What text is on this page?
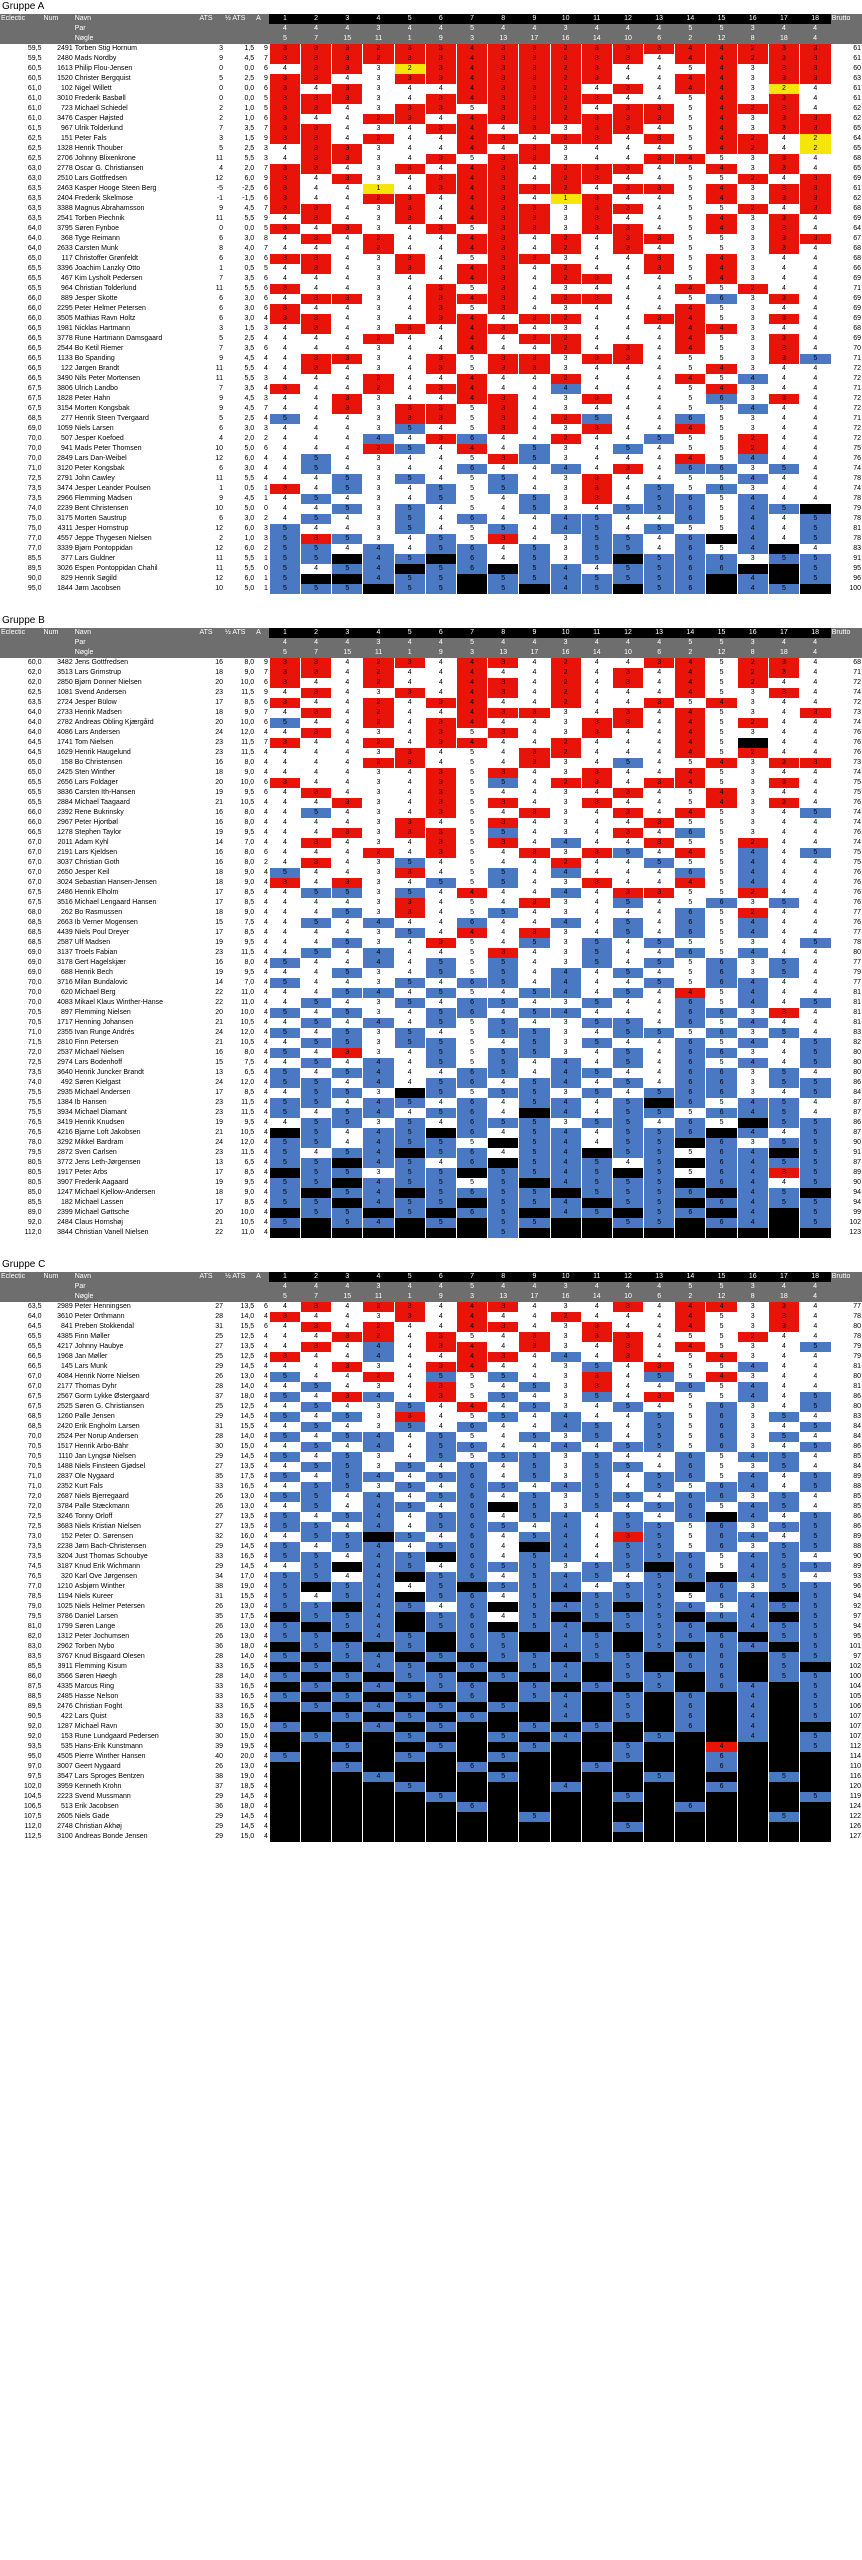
Gruppe A
Eclectic	Num	Navn	ATS	½ ATS	A	1	2	3	4	5	6	7	8	9	10	11	12	13	14	15	16	17	18	Brutto
		Par				4	4	4	3	4	4	5	4	4	3	4	4	4	5	5	3	4	4	
		Nøgle				5	7	15	11	1	9	3	13	17	16	14	10	6	2	12	8	18	4	
59,5	2491	Torben Stig Hornum	3	1,5	9	3	3	3	2	3	3	4	3	3	2	3	3	3	4	4	2	3	3	61
59,5	2480	Mads Nordby	9	4,5	7	3	3	3	2	3	3	4	3	3	2	3	3	4	4	4	2	3	3	61
60,5	1613	Philip Flou-Jensen	0	0,0	6	4	3	3	3	2	3	4	3	3	2	3	4	4	5	4	3	3	3	60
60,5	1520	Christer Bergquist	5	2,5	9	3	3	4	3	3	3	4	3	3	2	3	4	4	4	4	3	3	3	63
61,0	102	Nigel Willett	0	0,0	6	3	4	3	3	4	4	4	3	3	2	4	3	4	4	4	3	2	4	61
61,0	3010	Frederik Basbøll	0	0,0	5	3	3	3	3	4	3	4	3	3	2	3	4	4	5	4	3	3	4	61
61,0	723	Michael Schiedel	2	1,0	5	3	3	4	3	3	3	5	3	3	2	4	3	3	5	4	2	3	4	62
61,0	3476	Casper Højsted	2	1,0	6	3	4	4	2	3	4	4	3	3	2	3	3	3	5	4	3	3	3	62
61,5	967	Ulrik Tolderlund	7	3,5	7	3	3	4	3	4	3	4	4	3	3	3	3	4	5	4	3	3	3	65
62,5	151	Peter Fals	3	1,5	9	3	3	4	2	4	4	4	3	4	2	3	4	3	5	4	2	4	2	64
62,5	1328	Henrik Thouber	5	2,5	3	4	3	3	3	4	4	4	4	3	3	4	4	4	5	4	2	4	2	65
62,5	2706	Johnny Blixenkrone	11	5,5	3	4	3	3	3	4	3	5	3	3	3	4	4	3	4	5	3	3	4	68
63,0	2778	Oscar G. Christiansen	4	2,0	7	3	3	4	3	3	4	4	3	4	2	3	3	4	5	4	3	3	4	65
63,0	2510	Lars Gottfredsen	12	6,0	9	3	4	3	3	4	3	4	3	4	2	3	4	4	5	5	2	4	3	69
63,5	2463	Kasper Hooge Steen Berg	-5	-2,5	6	3	4	4	1	4	3	4	3	3	2	4	3	3	5	4	3	3	3	61
63,5	2404	Frederik Skelmose	-1	-1,5	6	3	4	4	2	3	4	4	3	4	1	3	4	4	5	4	3	3	3	62
63,5	3388	Magnus Abrahamsson	9	4,5	7	3	3	4	3	3	4	4	3	3	3	3	3	4	5	5	2	4	3	68
63,5	2541	Torben Piechnik	11	5,5	9	4	3	4	3	3	4	4	3	3	3	3	4	4	5	4	3	3	4	69
64,0	3795	Søren Fynboe	0	0,0	5	3	4	3	3	4	3	5	3	3	3	3	3	4	5	4	3	3	4	64
64,0	368	Tyge Reimann	6	3,0	8	4	3	4	2	4	4	4	3	4	2	4	3	3	5	5	3	3	3	67
64,0	2633	Carsten Munk	8	4,0	7	4	4	4	2	4	4	4	3	4	2	4	3	4	5	5	3	3	4	68
65,0	117	Christoffer Grønfeldt	6	3,0	6	3	3	4	3	3	4	5	3	3	3	4	4	3	5	4	3	4	4	68
65,5	3396	Joachim Lanzky Otto	1	0,5	5	4	3	4	3	3	4	4	3	4	2	4	4	3	5	4	3	4	4	66
65,5	467	Kim Lysholt Pedersen	7	3,5	6	4	4	4	3	4	4	4	3	4	2	3	4	4	5	4	3	4	4	69
65,5	964	Christian Tolderlund	11	5,5	6	3	4	4	3	4	3	5	3	4	3	4	4	4	4	5	2	4	4	71
66,0	889	Jesper Skotte	6	3,0	6	4	3	3	3	4	3	4	3	4	2	3	4	4	5	6	3	3	4	69
66,0	2295	Peter Helmer Petersen	6	3,0	6	3	4	4	3	4	3	5	3	4	3	4	4	4	4	5	3	4	4	69
66,0	3505	Mathias Ravn Holtz	6	3,0	4	3	3	4	3	4	3	4	4	3	2	4	4	3	4	5	3	3	4	69
66,5	1981	Nicklas Hartmann	3	1,5	3	4	3	4	3	3	4	4	3	4	3	4	4	4	4	4	3	4	4	68
66,5	3778	Rune Hartmann Damsgaard	5	2,5	4	4	4	4	2	4	4	4	4	3	2	4	4	4	4	5	3	3	4	69
66,5	2544	Bo Ketil Riemer	7	3,5	6	4	4	4	3	4	4	4	4	4	2	4	3	4	4	5	3	3	4	70
66,5	1133	Bo Spanding	9	4,5	4	4	3	3	3	4	3	5	3	3	3	3	3	4	5	5	3	3	5	71
66,5	122	Jørgen Brandt	11	5,5	4	4	3	4	3	4	3	5	3	3	3	4	4	4	5	4	3	4	4	72
66,5	3490	Nils Peter Mortensen	11	5,5	3	4	4	4	2	4	4	4	4	4	2	4	4	4	4	5	4	4	4	72
67,5	3806	Ulrich Landbo	7	3,5	4	3	4	4	2	4	3	4	4	4	4	4	4	4	5	4	3	4	4	71
67,5	1828	Peter Hahn	9	4,5	3	4	4	3	3	4	4	4	3	4	3	3	4	4	5	6	3	3	4	72
67,5	3154	Morten Kongsbak	9	4,5	7	4	4	3	3	3	3	5	3	4	3	4	4	4	5	5	4	4	4	72
68,5	277	Henrik Steen Tvergaard	5	2,5	4	5	4	4	3	3	3	5	3	4	2	5	4	4	6	5	3	4	4	71
69,0	1059	Niels Larsen	6	3,0	3	4	4	4	3	5	4	5	3	4	3	3	4	4	4	5	3	4	4	72
70,0	507	Jesper Koefoed	4	2,0	2	4	4	4	4	4	3	6	4	4	2	4	4	5	5	5	2	4	4	72
70,0	941	Mads Peter Thomsen	10	5,0	6	4	4	4	2	5	4	4	4	5	3	4	5	4	5	5	2	4	4	75
70,0	2849	Lars Dan-Weibel	12	6,0	4	4	5	4	3	4	4	5	3	5	3	4	4	4	4	5	4	4	4	76
71,0	3120	Peter Kongsbak	6	3,0	4	4	5	4	3	4	4	6	4	4	4	4	3	4	6	6	3	5	4	74
72,5	2791	John Cawley	11	5,5	4	4	4	5	3	5	4	5	5	4	3	3	4	4	5	5	4	4	4	78
73,5	3474	Jesper Leander Poulsen	1	0,5	1	3	4	5	3	4	5	5	5	4	3	3	4	5	5	6	3	4	4	74
73,5	2966	Flemming Madsen	9	4,5	1	4	5	4	3	4	5	5	4	5	3	3	4	5	6	5	4	4	4	78
74,0	2239	Bent Christensen	10	5,0	0	4	4	5	3	5	4	5	4	5	3	4	5	5	6	5	4	5	6	79
75,0	3175	Morten Saustrup	6	3,0	2	4	5	4	3	5	4	6	4	4	4	5	4	4	6	5	4	4	5	78
75,0	4311	Jesper Hornstrup	12	6,0	3	5	4	4	3	5	4	5	5	4	4	5	4	5	5	5	4	4	5	81
77,0	4557	Jeppe Thygesen Nielsen	2	1,0	3	5	3	5	3	4	5	5	3	4	3	5	5	4	6	7	4	4	5	78
77,0	3339	Bjørn Pontoppidan	12	6,0	2	5	5	4	4	4	5	6	4	5	3	5	5	4	6	5	4	6	4	83
85,5	377	Lars Guldner	11	5,5	1	5	5	6	4	5	6	6	4	5	3	5	6	5	6	6	3	5	5	91
89,5	3026	Espen Pontoppidan Chahil	11	5,5	0	5	4	5	4	6	5	6	6	5	4	4	5	5	6	6	5	6	5	95
90,0	829	Henrik Søgild	12	6,0	1	5	6	6	4	5	5	7	5	5	4	5	5	5	6	7	4	6	5	96
95,0	1844	Jørn Jacobsen	10	5,0	1	5	5	5	5	5	5	7	5	6	4	5	6	5	6	7	4	5	6	100
Gruppe B
Eclectic	Num	Navn	ATS	½ ATS	A	1	2	3	4	5	6	7	8	9	10	11	12	13	14	15	16	17	18	Brutto
		Par				4	4	4	3	4	4	5	4	4	3	4	4	4	5	5	3	4	4	
		Nøgle				5	7	15	11	1	9	3	13	17	16	14	10	6	2	12	8	18	4	
60,0	3482	Jens Gottfredsen	16	8,0	9	3	3	4	2	3	4	4	3	4	2	4	4	3	4	5	2	3	4	68
62,0	3513	Lars Grimstrup	18	9,0	7	3	3	4	2	4	4	4	4	4	2	4	3	4	4	5	2	3	4	71
62,0	2850	Bjørn Donner Nielsen	20	10,0	6	3	4	4	2	4	4	4	3	4	2	4	3	4	4	5	2	4	4	72
62,5	1081	Svend Andersen	23	11,5	9	4	3	4	3	3	4	4	3	4	2	4	4	4	4	5	3	3	4	74
63,5	2724	Jesper Bülow	17	8,5	6	3	4	4	2	4	3	4	4	4	2	4	4	3	5	4	3	4	4	72
64,0	2733	Henrik Madsen	18	9,0	7	4	3	4	2	4	4	4	3	3	3	4	3	4	4	5	3	4	3	73
64,0	2782	Andreas Obling Kjærgård	20	10,0	6	5	4	4	2	4	3	4	4	4	3	3	3	4	4	5	2	4	4	74
64,0	4086	Lars Andersen	24	12,0	4	4	3	4	3	4	3	5	3	4	3	3	4	4	4	5	3	4	4	76
64,5	1741	Tom Nielsen	23	11,5	7	3	4	4	2	4	3	4	4	4	2	4	4	4	4	5	5	4	4	76
64,5	1629	Henrik Haugelund	23	11,5	4	4	4	4	3	3	4	5	4	3	2	4	4	4	4	5	2	4	4	76
65,0	158	Bo Christensen	16	8,0	4	4	4	4	2	3	4	5	4	3	3	4	5	4	5	4	3	3	3	73
65,0	2425	Sten Winther	18	9,0	4	4	4	4	3	4	3	5	3	4	3	3	4	4	4	5	3	4	4	74
65,5	2656	Lars Foldager	20	10,0	6	3	4	4	3	4	3	5	5	4	2	3	4	3	4	5	3	3	4	75
65,5	3836	Carsten Ith-Hansen	19	9,5	6	4	3	4	3	4	3	5	4	4	3	4	3	4	5	4	3	4	4	75
65,5	2884	Michael Taagaard	21	10,5	4	4	4	3	3	4	3	5	3	4	3	3	4	4	5	4	3	3	4	76
66,0	2392	Rene Bukrinsky	16	8,0	4	4	5	4	3	4	3	5	4	3	3	4	3	4	4	5	3	4	5	74
66,0	2967	Peter Hjortbøl	16	8,0	4	4	4	4	3	3	4	5	3	4	3	4	4	3	5	5	3	4	4	74
66,5	1278	Stephen Taylor	19	9,5	4	4	4	3	3	3	3	5	5	4	3	4	3	4	6	5	3	4	4	76
67,0	2011	Adam Kyhl	14	7,0	4	4	3	4	3	4	3	5	3	4	4	4	4	3	5	5	2	4	4	74
67,0	2191	Lars Kjeldsen	16	8,0	6	4	4	4	2	4	3	5	4	3	3	3	5	4	4	5	4	4	5	75
67,0	3037	Christian Goth	16	8,0	2	4	3	4	3	5	4	5	4	4	2	4	4	5	5	5	4	4	4	75
67,0	2650	Jesper Keil	18	9,0	4	5	4	4	3	3	4	5	5	4	4	4	4	4	6	5	4	4	4	76
67,0	3024	Sebastian Hansen-Jensen	18	9,0	4	3	4	3	3	4	5	5	5	4	3	3	4	4	4	5	4	4	4	76
67,5	2486	Henrik Elholm	17	8,5	4	4	5	5	3	5	4	4	4	4	4	4	3	3	5	5	2	4	4	76
67,5	3516	Michael Lengaard Hansen	17	8,5	4	4	4	4	3	3	4	5	4	3	3	4	5	4	5	6	3	5	4	76
68,0	262	Bo Rasmussen	18	9,0	4	4	4	5	3	3	4	5	5	4	3	4	4	4	6	5	2	4	4	77
68,5	2663	Ib Verner Mogensen	15	7,5	4	4	5	4	4	4	4	6	4	4	4	4	5	4	6	5	4	4	4	76
68,5	4439	Niels Poul Dreyer	17	8,5	4	4	4	4	3	5	4	4	4	3	3	4	5	4	6	5	4	4	4	77
68,5	2587	Ulf Madsen	19	9,5	4	4	4	5	3	4	3	5	4	5	3	5	4	5	5	5	3	4	5	78
69,0	3137	Troels Fabian	23	11,5	4	4	5	4	4	4	4	5	3	4	3	5	4	4	6	5	4	4	4	80
69,0	3178	Gert Hagelskjær	16	8,0	4	5	4	4	4	4	5	5	5	4	3	5	4	5	5	6	3	5	4	77
69,0	688	Henrik Bech	19	9,5	4	4	4	5	3	4	5	5	5	4	4	4	5	4	5	6	3	5	4	79
70,0	3716	Milan Bundalovic	14	7,0	4	5	4	4	3	5	4	6	5	4	4	4	4	5	5	6	4	4	4	77
70,0	620	Michael Berg	22	11,0	4	4	4	5	4	4	5	5	4	5	4	4	5	4	4	5	4	4	4	81
70,0	4083	Mikael Klaus Winther-Hanse	22	11,0	4	4	5	4	3	5	4	6	5	4	3	5	4	4	6	5	4	4	5	81
70,5	897	Flemming Nielsen	20	10,0	4	5	4	5	3	4	5	6	4	5	4	4	4	4	6	6	3	3	4	81
70,5	1717	Henning Johansen	21	10,5	4	4	5	4	4	4	5	5	5	4	3	5	5	4	6	5	4	4	4	81
71,0	2355	Ivan Runge Andrés	24	12,0	4	5	4	5	3	5	4	5	5	5	3	4	5	5	5	6	3	5	4	83
71,5	2810	Finn Petersen	21	10,5	4	4	5	5	3	5	5	5	4	5	3	5	4	4	6	5	4	4	5	82
72,0	2537	Michael Nielsen	16	8,0	4	5	4	3	3	4	5	5	5	5	3	4	5	4	6	6	3	4	5	80
72,5	2974	Lars Bodenhoff	15	7,5	4	4	5	4	4	4	5	5	5	4	4	4	5	4	6	5	4	4	5	80
73,5	3640	Henrik Juncker Brandt	13	6,5	4	5	4	5	4	4	4	6	5	4	4	5	4	4	6	6	3	5	4	80
74,0	492	Søren Kielgast	24	12,0	4	5	5	4	4	4	5	6	4	5	4	4	5	4	6	6	3	5	5	86
75,5	2935	Michael Andersen	17	8,5	4	4	5	5	3	6	5	5	5	5	3	5	4	5	6	6	3	4	5	84
75,5	1384	Ib Hansen	23	11,5	4	5	5	4	4	5	4	6	4	5	4	4	5	6	6	5	4	5	4	87
75,5	3934	Michael Diamant	23	11,5	4	5	4	5	4	4	5	6	4	6	4	4	5	5	5	6	4	5	4	87
76,5	3419	Henrik Knudsen	19	9,5	4	4	5	5	3	5	4	6	5	5	3	5	5	4	6	5	5	5	5	86
76,5	4216	Bjarne Loft Jakobsen	21	10,5	4	6	5	4	4	5	6	6	4	5	4	4	5	5	6	7	4	4	5	87
78,0	3292	Mikkel Bardram	24	12,0	4	5	5	4	4	5	5	5	6	5	4	4	5	5	7	6	3	5	5	90
79,5	2872	Sven Carlsen	23	11,5	4	5	4	5	4	6	5	6	4	5	4	6	5	5	5	6	4	6	5	91
80,5	3772	Jens Leth-Jørgensen	13	6,5	4	5	5	6	4	5	4	6	6	5	4	5	4	5	7	6	4	5	5	87
80,5	1917	Peter Arbs	17	8,5	4	6	5	5	3	5	5	7	5	5	4	5	6	5	5	6	4	3	5	89
80,5	3907	Frederik Aagaard	19	9,5	4	5	5	6	4	5	5	5	5	6	4	5	5	5	7	6	4	4	5	90
85,0	1247	Michael Kjellow-Andersen	18	9,0	4	5	6	5	4	6	5	6	5	5	5	5	5	5	6	7	4	5	6	94
85,5	182	Michael Lassen	17	8,5	4	5	5	6	4	5	5	7	5	5	4	6	5	5	7	6	4	5	5	94
89,0	2399	Michael Gøttsche	20	10,0	4	6	5	5	5	5	6	6	5	6	4	5	6	5	6	7	4	6	5	99
92,0	2484	Claus Hornshøj	21	10,5	4	5	6	5	4	6	5	7	5	5	5	6	5	5	7	6	4	6	5	102
112,0	3844	Christian Vanell Nielsen	22	11,0	4	6	6	6	5	6	6	7	5	6	5	6	6	6	7	7	5	6	6	123
Gruppe C
Eclectic	Num	Navn	ATS	½ ATS	A	1	2	3	4	5	6	7	8	9	10	11	12	13	14	15	16	17	18	Brutto
		Par				4	4	4	3	4	4	5	4	4	3	4	4	4	5	5	3	4	4	
		Nøgle				5	7	15	11	1	9	3	13	17	16	14	10	6	2	12	8	18	4	
63,5	2989	Peter Henningsen	27	13,5	6	4	3	4	2	3	4	4	3	4	3	4	3	4	4	4	3	3	4	77
64,0	3610	Peter Orthmann	28	14,0	4	3	4	4	3	3	4	4	4	4	2	4	4	4	4	5	3	3	4	78
64,5	841	Preben Stokkendal	31	15,5	6	4	3	4	2	4	4	4	3	4	3	3	4	4	4	5	3	3	4	80
65,5	4385	Finn Møller	25	12,5	4	4	4	3	2	4	3	5	4	3	3	3	3	4	5	5	2	4	4	78
65,5	4217	Johnny Haubye	27	13,5	4	4	3	4	4	4	3	4	4	3	3	4	3	4	4	5	3	4	5	79
66,5	1968	Jan Møller	25	12,5	4	3	4	4	4	4	4	4	3	4	4	4	3	4	5	4	3	4	4	79
66,5	145	Lars Munk	29	14,5	4	4	4	3	3	4	3	4	4	4	3	5	4	3	5	5	4	4	4	81
67,0	4084	Henrik Norre Nielsen	26	13,0	4	5	4	4	2	4	5	5	5	4	3	3	4	5	5	4	3	4	4	80
67,0	2177	Thomas Dyhr	28	14,0	4	4	5	4	3	4	3	5	4	5	3	3	4	4	6	5	4	4	4	81
67,5	2567	Gorm Lykke Østergaard	37	18,0	4	5	4	3	4	4	3	5	5	4	3	5	4	3	5	5	4	4	5	86
67,5	2525	Søren G. Christiansen	25	12,5	4	4	5	4	3	5	4	4	4	5	3	4	5	4	5	6	3	4	5	80
68,5	1260	Palle Jensen	29	14,5	4	5	4	5	3	3	4	5	5	4	4	4	4	5	5	6	3	5	4	83
68,5	2420	Erik Engholm Larsen	31	15,5	4	4	5	4	3	5	4	6	4	4	4	5	4	5	5	6	3	4	5	84
70,0	2524	Per Norup Andersen	28	14,0	4	5	4	5	4	4	5	5	4	5	3	5	4	5	5	6	3	5	4	84
70,5	1517	Henrik Arbo-Bähr	30	15,0	4	4	5	4	4	4	5	6	4	4	4	4	5	5	5	6	3	4	5	86
70,5	1110	Jan Lyngsø Nielsen	29	14,5	4	5	4	5	3	4	5	5	5	5	3	5	4	4	6	5	4	5	4	85
70,5	1488	Niels Finsteen Gjødsel	27	13,5	4	4	5	5	3	5	4	6	4	5	3	5	5	4	6	5	3	5	4	84
71,0	2837	Ole Nygaard	35	17,5	4	5	4	5	4	4	5	6	4	5	3	5	4	5	6	5	4	4	5	89
71,0	2352	Kurt Fals	33	16,5	4	4	5	5	3	5	4	6	5	4	4	5	4	5	5	6	4	4	5	88
72,0	2687	Niels Bjerregaard	26	13,0	4	5	5	4	4	4	5	6	4	5	3	5	5	4	6	6	3	5	4	85
72,0	3784	Palle Stæckmann	26	13,0	4	4	5	4	4	5	4	6	6	5	3	5	4	5	6	5	4	5	4	85
72,5	3246	Tonny Orloff	27	13,5	4	5	4	5	4	4	5	6	4	5	4	4	5	4	6	7	4	4	5	86
72,5	3683	Niels Kristian Nielsen	27	13,5	4	5	5	4	4	4	5	6	5	4	4	4	5	5	5	6	3	5	5	86
73,0	152	Peter O. Sørensen	32	16,0	4	4	5	5	5	5	4	6	4	5	4	4	3	5	5	6	4	4	5	89
73,5	2238	Jørn Bach-Christensen	29	14,5	4	5	4	5	4	4	5	6	4	6	4	4	5	5	5	6	3	5	5	88
73,5	3204	Just Thomas Schoubye	33	16,5	4	5	5	4	4	5	6	6	4	5	4	4	5	5	6	5	4	5	4	90
74,5	3187	Knud Erik Wichmann	29	14,5	4	4	5	6	4	5	4	6	5	5	3	5	5	6	6	5	4	5	5	89
76,5	320	Karl Ove Jørgensen	34	17,0	4	5	5	4	4	6	5	6	4	5	4	5	4	5	6	7	4	5	4	93
77,0	1210	Asbjørn Winther	38	19,0	4	5	6	5	4	4	5	7	5	5	4	4	5	5	7	6	3	5	5	96
78,5	1194	Niels Kureer	31	15,5	4	5	4	5	4	6	5	6	4	5	5	5	5	5	5	6	4	6	5	94
79,0	1025	Niels Helmer Petersen	26	13,0	4	5	5	6	4	5	4	6	6	5	4	5	6	5	6	5	4	5	5	92
79,5	3786	Daniel Larsen	35	17,5	4	6	5	5	4	6	5	6	4	5	5	5	5	5	7	6	4	6	5	97
81,0	1799	Søren Lange	26	13,0	4	5	6	5	4	6	5	6	6	5	4	6	5	5	6	7	4	5	5	94
82,0	1312	Peter Jochumsen	26	13,0	4	5	5	6	4	5	6	6	5	6	4	5	6	5	6	6	5	5	5	95
83,0	2962	Torben Nybo	36	18,0	4	6	5	5	5	5	6	6	5	6	4	5	6	5	7	6	4	6	5	101
83,5	3767	Knud Bisgaard Olesen	28	14,0	4	5	6	5	4	6	5	7	5	5	5	5	5	6	6	6	5	5	5	97
85,5	3911	Flemming Kisum	33	16,5	4	6	5	6	4	5	6	6	6	5	4	6	5	6	6	6	5	5	6	102
86,0	3566	Søren Høegh	28	14,0	4	5	6	5	5	5	5	7	5	6	4	6	5	5	7	6	5	5	5	100
87,5	4335	Marcus Ring	33	16,5	4	6	5	6	4	6	5	6	6	5	5	5	6	5	7	6	4	6	5	104
88,5	2485	Hasse Nelson	33	16,5	4	5	6	5	5	5	6	6	6	5	4	6	5	6	6	7	4	6	5	105
89,5	2476	Christian Foght	33	16,5	4	6	5	6	4	6	5	7	5	6	4	6	5	6	6	7	4	6	5	106
90,5	422	Lars Quist	33	16,5	4	6	6	5	5	5	6	6	6	6	4	6	5	6	6	7	4	6	5	107
92,0	1287	Michael Ravn	30	15,0	4	5	6	6	4	6	5	7	6	5	5	5	6	6	6	7	4	6	6	107
92,0	153	Rune Lundgaard Pedersen	30	15,0	4	6	5	6	5	5	6	7	5	6	4	6	6	5	7	7	4	6	5	107
93,5	535	Hans-Erik Kunstmann	39	19,5	4	6	6	5	5	6	5	7	6	5	5	6	5	6	7	4	5	6	5	112
95,0	4505	Pierre Winther Hansen	40	20,0	4	5	6	6	5	5	6	7	5	6	5	6	5	6	7	6	5	6	6	114
97,0	3007	Geert Nygaard	26	13,0	4	6	6	5	5	6	6	6	6	6	5	5	6	6	7	6	5	6	6	110
97,5	3547	Lars Sproges Bentzen	38	19,0	4	6	6	6	4	6	6	7	5	6	5	6	6	5	7	7	5	5	6	116
102,0	3959	Kenneth Krohn	37	18,5	4	6	6	6	5	5	6	7	6	6	4	6	6	6	7	6	5	6	6	120
104,5	2223	Svend Mussmann	29	14,5	4	6	6	6	5	6	5	7	6	6	5	6	5	6	7	7	5	6	5	119
106,5	513	Erik Jacobsen	36	18,0	4	6	6	6	5	6	6	6	6	6	5	6	6	6	6	7	5	6	6	124
107,5	2605	Niels Gade	29	14,5	4	6	6	6	5	6	6	7	6	5	5	6	6	6	7	7	5	5	6	122
112,0	2748	Christian Akhøj	29	14,5	4	6	6	6	5	6	6	7	6	6	5	6	5	6	7	7	5	6	6	126
112,5	3100	Andreas Bonde Jensen	29	15,0	4	6	6	6	5	6	6	7	6	6	5	6	6	6	7	7	5	6	6	127
